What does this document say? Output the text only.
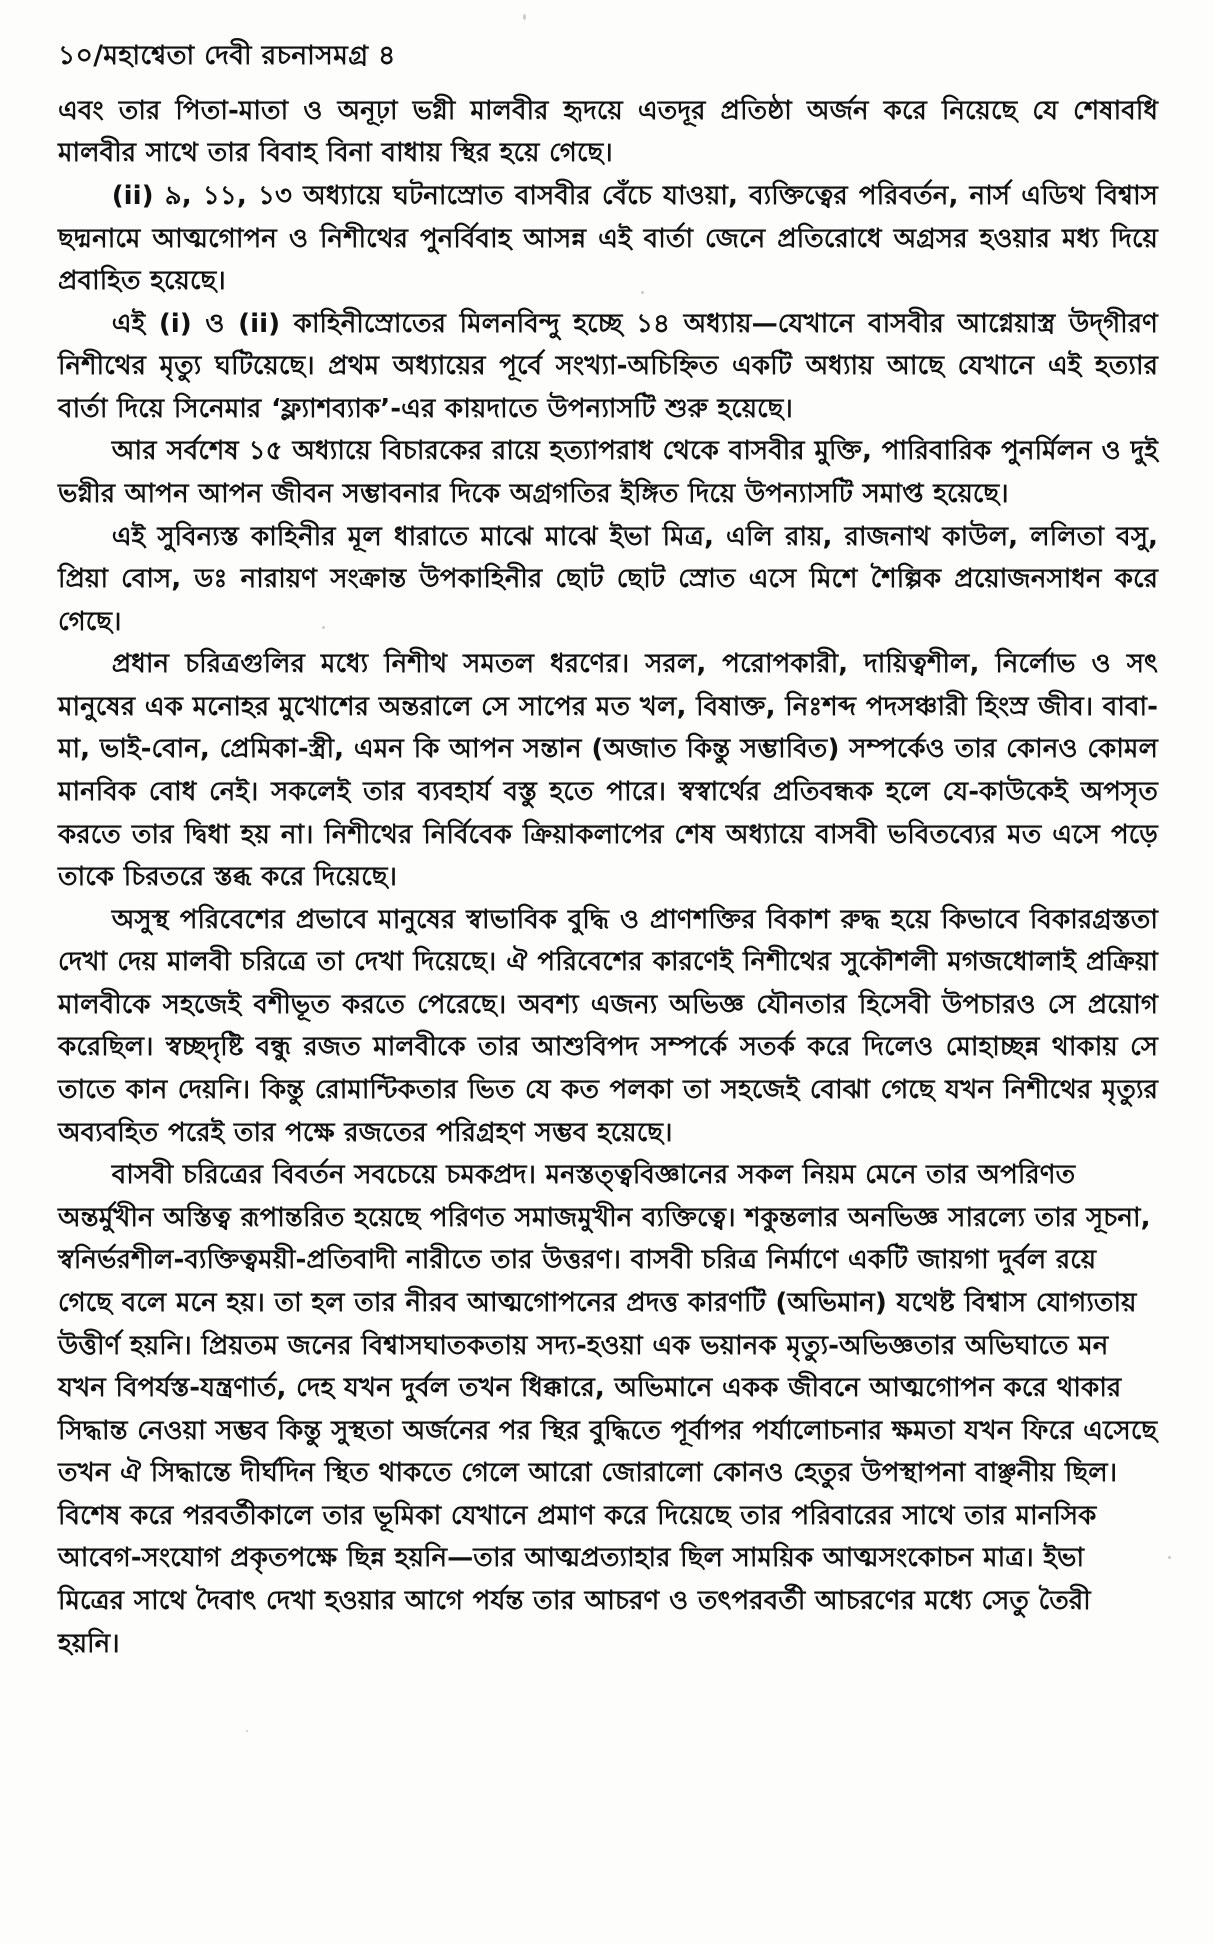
১০/মহাশ্বেতা দেবী রচনাসমগ্র ৪

এবং তার পিতা-মাতা ও অনূঢ়া ভগ্নী মালবীর হৃদয়ে এতদূর প্রতিষ্ঠা অর্জন করে নিয়েছে যে শেষাবধি মালবীর সাথে তার বিবাহ বিনা বাধায় স্থির হয়ে গেছে।

(ii) ৯, ১১, ১৩ অধ্যায়ে ঘটনাস্রোত বাসবীর বেঁচে যাওয়া, ব্যক্তিত্বের পরিবর্তন, নার্স এডিথ বিশ্বাস ছদ্মনামে আত্মগোপন ও নিশীথের পুনর্বিবাহ আসন্ন এই বার্তা জেনে প্রতিরোধে অগ্রসর হওয়ার মধ্য দিয়ে প্রবাহিত হয়েছে।

এই (i) ও (ii) কাহিনীস্রোতের মিলনবিন্দু হচ্ছে ১৪ অধ্যায়—যেখানে বাসবীর আগ্নেয়াস্ত্র উদ্‌গীরণ নিশীথের মৃত্যু ঘটিয়েছে। প্রথম অধ্যায়ের পূর্বে সংখ্যা-অচিহ্নিত একটি অধ্যায় আছে যেখানে এই হত্যার বার্তা দিয়ে সিনেমার ‘ফ্ল্যাশব্যাক’-এর কায়দাতে উপন্যাসটি শুরু হয়েছে।

আর সর্বশেষ ১৫ অধ্যায়ে বিচারকের রায়ে হত্যাপরাধ থেকে বাসবীর মুক্তি, পারিবারিক পুনর্মিলন ও দুই ভগ্নীর আপন আপন জীবন সম্ভাবনার দিকে অগ্রগতির ইঙ্গিত দিয়ে উপন্যাসটি সমাপ্ত হয়েছে।

এই সুবিন্যস্ত কাহিনীর মূল ধারাতে মাঝে মাঝে ইভা মিত্র, এলি রায়, রাজনাথ কাউল, ললিতা বসু, প্রিয়া বোস, ডঃ নারায়ণ সংক্রান্ত উপকাহিনীর ছোট ছোট স্রোত এসে মিশে শৈল্পিক প্রয়োজনসাধন করে গেছে।

প্রধান চরিত্রগুলির মধ্যে নিশীথ সমতল ধরণের। সরল, পরোপকারী, দায়িত্বশীল, নির্লোভ ও সৎ মানুষের এক মনোহর মুখোশের অন্তরালে সে সাপের মত খল, বিষাক্ত, নিঃশব্দ পদসঞ্চারী হিংস্র জীব। বাবা-মা, ভাই-বোন, প্রেমিকা-স্ত্রী, এমন কি আপন সন্তান (অজাত কিন্তু সম্ভাবিত) সম্পর্কেও তার কোনও কোমল মানবিক বোধ নেই। সকলেই তার ব্যবহার্য বস্তু হতে পারে। স্বস্বার্থের প্রতিবন্ধক হলে যে-কাউকেই অপসৃত করতে তার দ্বিধা হয় না। নিশীথের নির্বিবেক ক্রিয়াকলাপের শেষ অধ্যায়ে বাসবী ভবিতব্যের মত এসে পড়ে তাকে চিরতরে স্তব্ধ করে দিয়েছে।

অসুস্থ পরিবেশের প্রভাবে মানুষের স্বাভাবিক বুদ্ধি ও প্রাণশক্তির বিকাশ রুদ্ধ হয়ে কিভাবে বিকারগ্রস্ততা দেখা দেয় মালবী চরিত্রে তা দেখা দিয়েছে। ঐ পরিবেশের কারণেই নিশীথের সুকৌশলী মগজধোলাই প্রক্রিয়া মালবীকে সহজেই বশীভূত করতে পেরেছে। অবশ্য এজন্য অভিজ্ঞ যৌনতার হিসেবী উপচারও সে প্রয়োগ করেছিল। স্বচ্ছদৃষ্টি বন্ধু রজত মালবীকে তার আশুবিপদ সম্পর্কে সতর্ক করে দিলেও মোহাচ্ছন্ন থাকায় সে তাতে কান দেয়নি। কিন্তু রোমান্টিকতার ভিত যে কত পলকা তা সহজেই বোঝা গেছে যখন নিশীথের মৃত্যুর অব্যবহিত পরেই তার পক্ষে রজতের পরিগ্রহণ সম্ভব হয়েছে।

বাসবী চরিত্রের বিবর্তন সবচেয়ে চমকপ্রদ। মনস্তত্ত্ববিজ্ঞানের সকল নিয়ম মেনে তার অপরিণত অন্তর্মুখীন অস্তিত্ব রূপান্তরিত হয়েছে পরিণত সমাজমুখীন ব্যক্তিত্বে। শকুন্তলার অনভিজ্ঞ সারল্যে তার সূচনা, স্বনির্ভরশীল-ব্যক্তিত্বময়ী-প্রতিবাদী নারীতে তার উত্তরণ। বাসবী চরিত্র নির্মাণে একটি জায়গা দুর্বল রয়ে গেছে বলে মনে হয়। তা হল তার নীরব আত্মগোপনের প্রদত্ত কারণটি (অভিমান) যথেষ্ট বিশ্বাস যোগ্যতায় উত্তীর্ণ হয়নি। প্রিয়তম জনের বিশ্বাসঘাতকতায় সদ্য-হওয়া এক ভয়ানক মৃত্যু-অভিজ্ঞতার অভিঘাতে মন যখন বিপর্যস্ত-যন্ত্রণার্ত, দেহ যখন দুর্বল তখন ধিক্কারে, অভিমানে একক জীবনে আত্মগোপন করে থাকার সিদ্ধান্ত নেওয়া সম্ভব কিন্তু সুস্থতা অর্জনের পর স্থির বুদ্ধিতে পূর্বাপর পর্যালোচনার ক্ষমতা যখন ফিরে এসেছে তখন ঐ সিদ্ধান্তে দীর্ঘদিন স্থিত থাকতে গেলে আরো জোরালো কোনও হেতুর উপস্থাপনা বাঞ্ছনীয় ছিল। বিশেষ করে পরবর্তীকালে তার ভূমিকা যেখানে প্রমাণ করে দিয়েছে তার পরিবারের সাথে তার মানসিক আবেগ-সংযোগ প্রকৃতপক্ষে ছিন্ন হয়নি—তার আত্মপ্রত্যাহার ছিল সাময়িক আত্মসংকোচন মাত্র। ইভা মিত্রের সাথে দৈবাৎ দেখা হওয়ার আগে পর্যন্ত তার আচরণ ও তৎপরবর্তী আচরণের মধ্যে সেতু তৈরী হয়নি।
